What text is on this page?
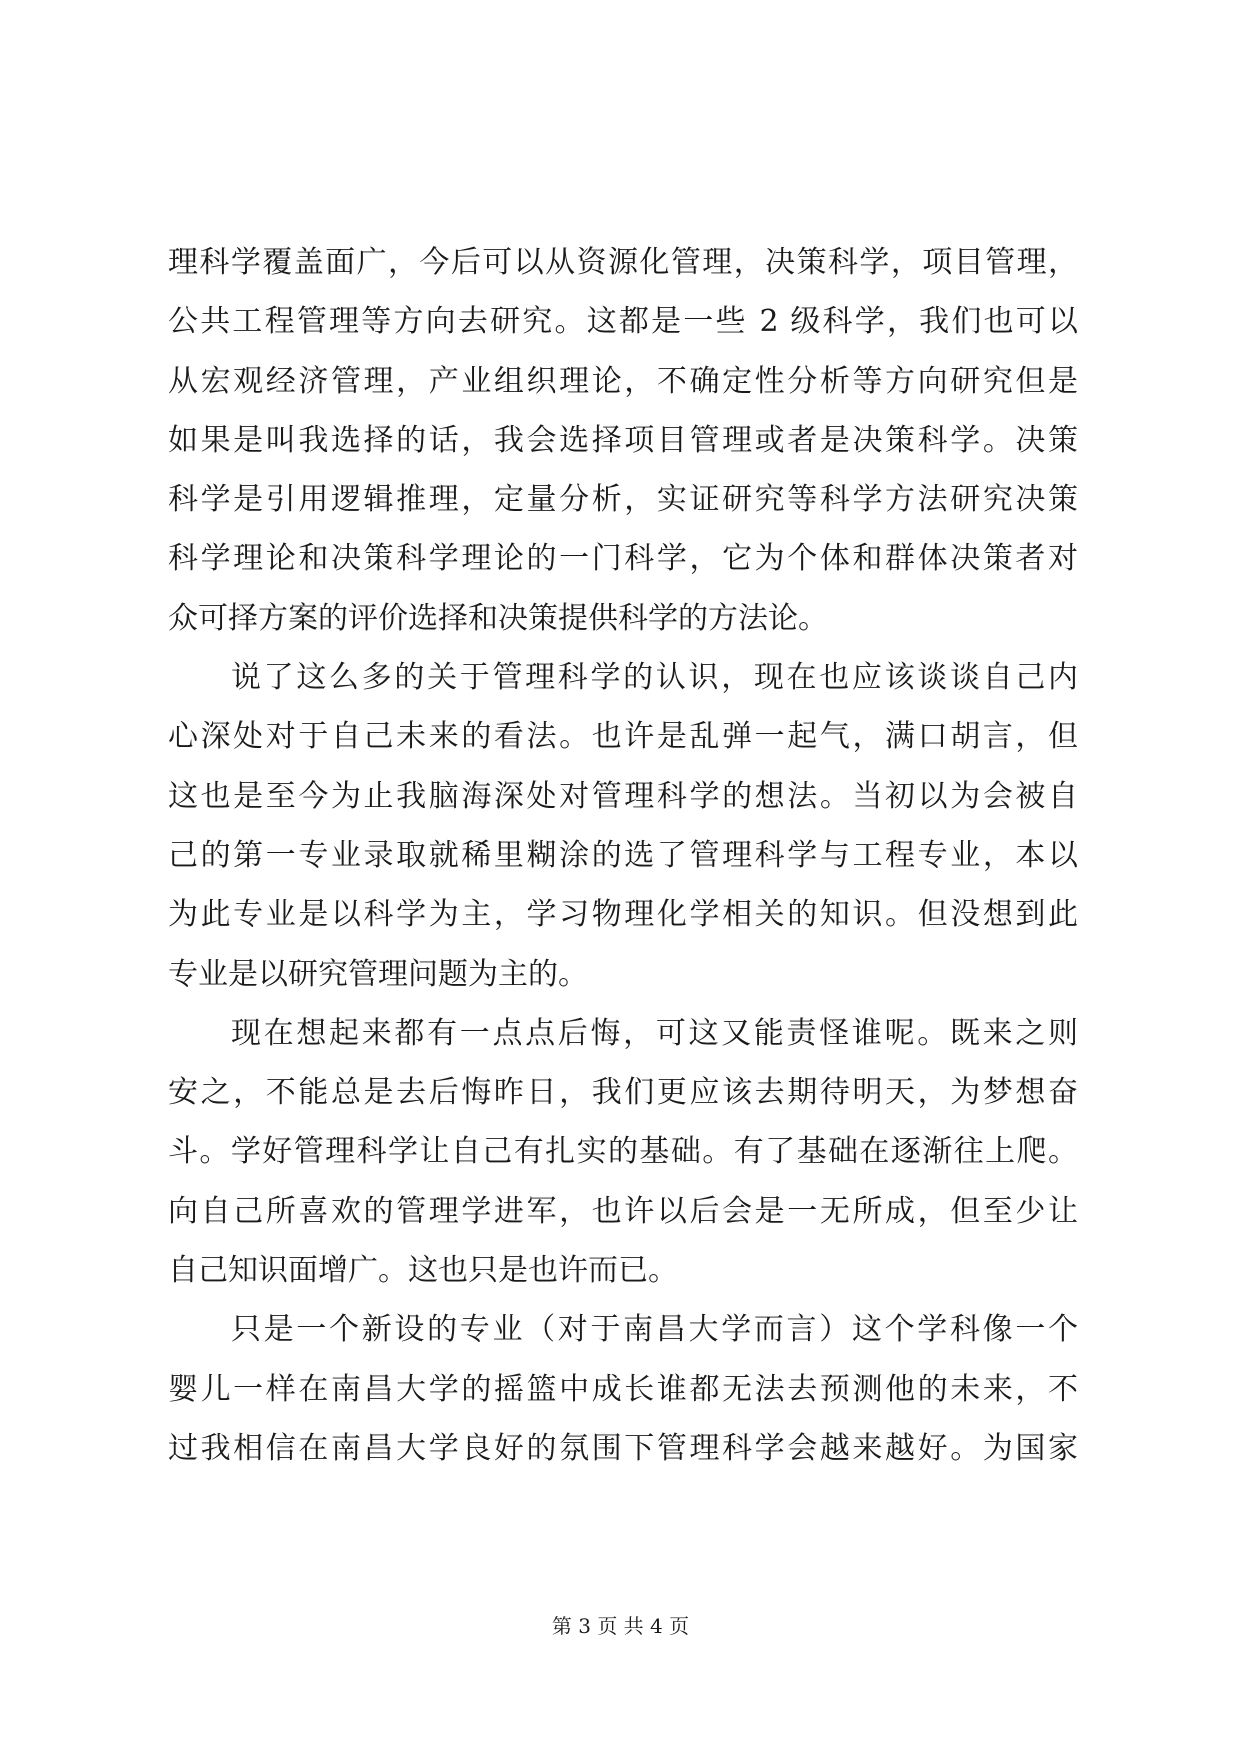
理科学覆盖面广，今后可以从资源化管理，决策科学，项目管理，
公共工程管理等方向去研究。这都是一些 2 级科学，我们也可以
从宏观经济管理，产业组织理论，不确定性分析等方向研究但是
如果是叫我选择的话，我会选择项目管理或者是决策科学。决策
科学是引用逻辑推理，定量分析，实证研究等科学方法研究决策
科学理论和决策科学理论的一门科学，它为个体和群体决策者对
众可择方案的评价选择和决策提供科学的方法论。
说了这么多的关于管理科学的认识，现在也应该谈谈自己内
心深处对于自己未来的看法。也许是乱弹一起气，满口胡言，但
这也是至今为止我脑海深处对管理科学的想法。当初以为会被自
己的第一专业录取就稀里糊涂的选了管理科学与工程专业，本以
为此专业是以科学为主，学习物理化学相关的知识。但没想到此
专业是以研究管理问题为主的。
现在想起来都有一点点后悔，可这又能责怪谁呢。既来之则
安之，不能总是去后悔昨日，我们更应该去期待明天，为梦想奋
斗。学好管理科学让自己有扎实的基础。有了基础在逐渐往上爬。
向自己所喜欢的管理学进军，也许以后会是一无所成，但至少让
自己知识面增广。这也只是也许而已。
只是一个新设的专业（对于南昌大学而言）这个学科像一个
婴儿一样在南昌大学的摇篮中成长谁都无法去预测他的未来，不
过我相信在南昌大学良好的氛围下管理科学会越来越好。为国家
第 3 页 共 4 页
